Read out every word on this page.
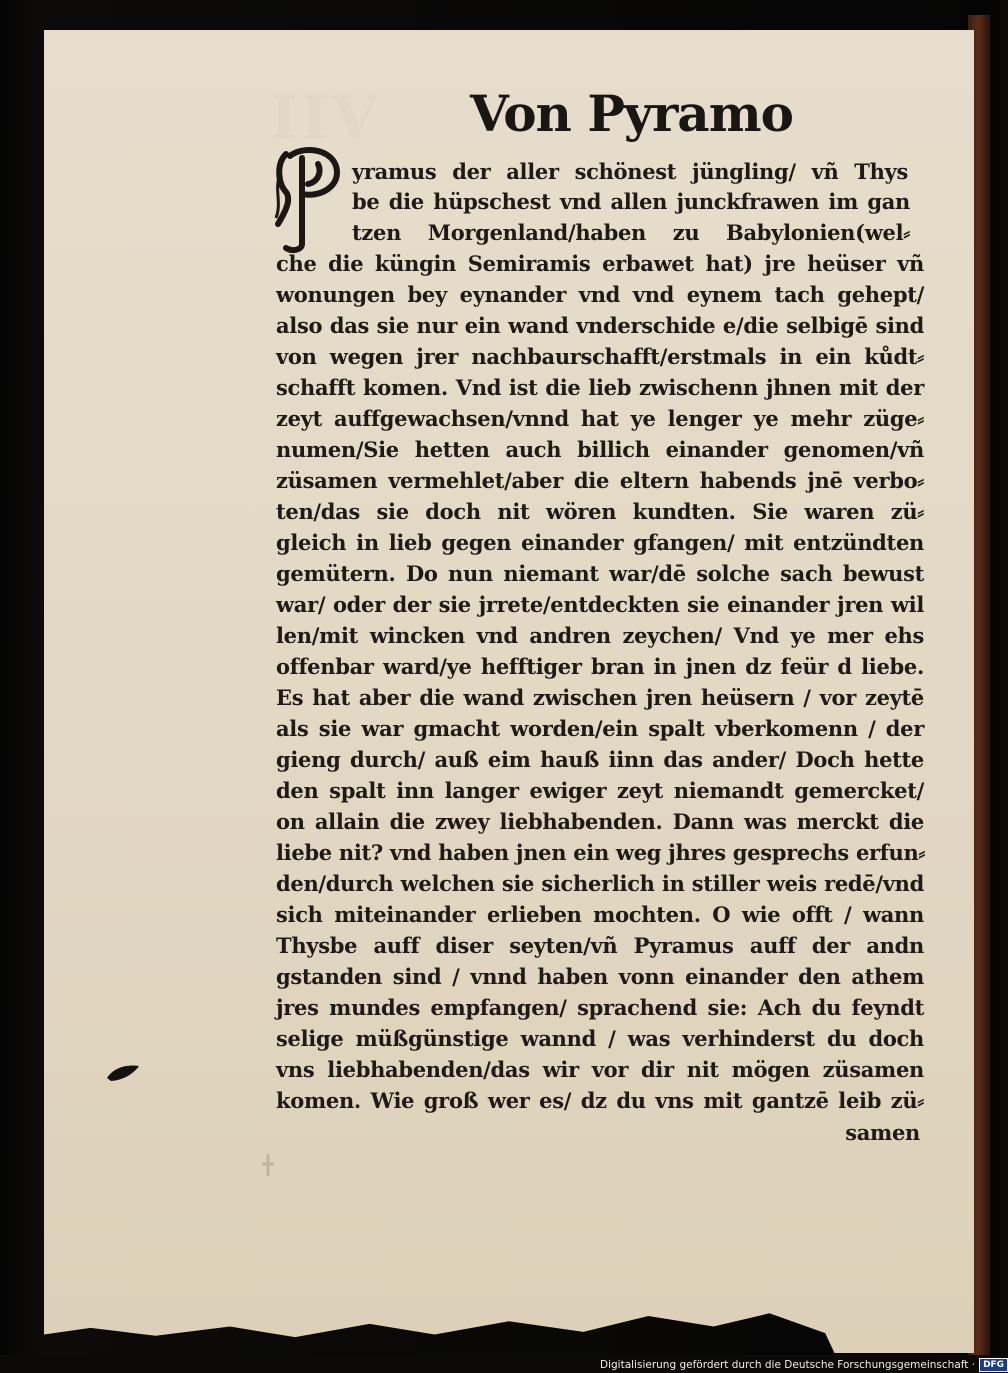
IIV Von Pyramo
yramus der aller schönest jüngling/ vñ Thys
be die hüpschest vnd allen junckfrawen im gan
tzen Morgenland/haben zu Babylonien(wel⸗
che die küngin Semiramis erbawet hat) jre heüser vñ
wonungen bey eynander vnd vnd eynem tach gehept/
also das sie nur ein wand vnderschide e/die selbigē sind
von wegen jrer nachbaurschafft/erstmals in ein kůdt⸗
schafft komen. Vnd ist die lieb zwischenn jhnen mit der
zeyt auffgewachsen/vnnd hat ye lenger ye mehr züge⸗
numen/Sie hetten auch billich einander genomen/vñ
züsamen vermehlet/aber die eltern habends jnē verbo⸗
ten/das sie doch nit wören kundten. Sie waren zü⸗
gleich in lieb gegen einander gfangen/ mit entzündten
gemütern. Do nun niemant war/dē solche sach bewust
war/ oder der sie jrrete/entdeckten sie einander jren wil
len/mit wincken vnd andren zeychen/ Vnd ye mer ehs
offenbar ward/ye hefftiger bran in jnen dz feür d liebe.
Es hat aber die wand zwischen jren heüsern / vor zeytē
als sie war gmacht worden/ein spalt vberkomenn / der
gieng durch/ auß eim hauß iinn das ander/ Doch hette
den spalt inn langer ewiger zeyt niemandt gemercket/
on allain die zwey liebhabenden. Dann was merckt die
liebe nit? vnd haben jnen ein weg jhres gesprechs erfun⸗
den/durch welchen sie sicherlich in stiller weis redē/vnd
sich miteinander erlieben mochten. O wie offt / wann
Thysbe auff diser seyten/vñ Pyramus auff der andn
gstanden sind / vnnd haben vonn einander den athem
jres mundes empfangen/ sprachend sie: Ach du feyndt
selige müßgünstige wannd / was verhinderst du doch
vns liebhabenden/das wir vor dir nit mögen züsamen
komen. Wie groß wer es/ dz du vns mit gantzē leib zü⸗
samen
Digitalisierung gefördert durch die Deutsche Forschungsgemeinschaft · DFG
